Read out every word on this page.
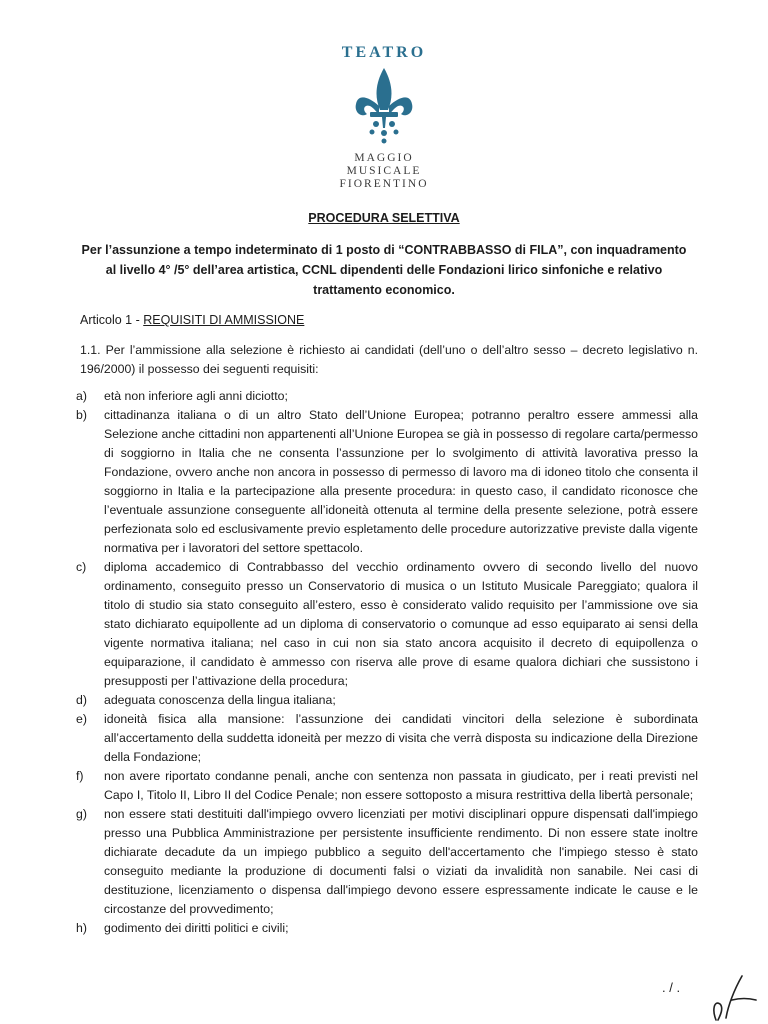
TEATRO
MAGGIO
MUSICALE
FIORENTINO
PROCEDURA SELETTIVA
Per l’assunzione a tempo indeterminato di 1 posto di “CONTRABBASSO di FILA”, con inquadramento al livello 4° /5° dell’area artistica, CCNL dipendenti delle Fondazioni lirico sinfoniche e relativo trattamento economico.
Articolo 1 - REQUISITI DI AMMISSIONE
1.1. Per l’ammissione alla selezione è richiesto ai candidati (dell’uno o dell’altro sesso – decreto legislativo n. 196/2000) il possesso dei seguenti requisiti:
a)	età non inferiore agli anni diciotto;
b)	cittadinanza italiana o di un altro Stato dell’Unione Europea; potranno peraltro essere ammessi alla Selezione anche cittadini non appartenenti all’Unione Europea se già in possesso di regolare carta/permesso di soggiorno in Italia che ne consenta l’assunzione per lo svolgimento di attività lavorativa presso la Fondazione, ovvero anche non ancora in possesso di permesso di lavoro ma di idoneo titolo che consenta il soggiorno in Italia e la partecipazione alla presente procedura: in questo caso, il candidato riconosce che l’eventuale assunzione conseguente all’idoneità ottenuta al termine della presente selezione, potrà essere perfezionata solo ed esclusivamente previo espletamento delle procedure autorizzative previste dalla vigente normativa per i lavoratori del settore spettacolo.
c)	diploma accademico di Contrabbasso del vecchio ordinamento ovvero di secondo livello del nuovo ordinamento, conseguito presso un Conservatorio di musica o un Istituto Musicale Pareggiato; qualora il titolo di studio sia stato conseguito all’estero, esso è considerato valido requisito per l’ammissione ove sia stato dichiarato equipollente ad un diploma di conservatorio o comunque ad esso equiparato ai sensi della vigente normativa italiana; nel caso in cui non sia stato ancora acquisito il decreto di equipollenza o equiparazione, il candidato è ammesso con riserva alle prove di esame qualora dichiari che sussistono i presupposti per l’attivazione della procedura;
d)	adeguata conoscenza della lingua italiana;
e)	idoneità fisica alla mansione: l’assunzione dei candidati vincitori della selezione è subordinata all’accertamento della suddetta idoneità per mezzo di visita che verrà disposta su indicazione della Direzione della Fondazione;
f)	non avere riportato condanne penali, anche con sentenza non passata in giudicato, per i reati previsti nel Capo I, Titolo II, Libro II del Codice Penale; non essere sottoposto a misura restrittiva della libertà personale;
g)	non essere stati destituiti dall'impiego ovvero licenziati per motivi disciplinari oppure dispensati dall'impiego presso una Pubblica Amministrazione per persistente insufficiente rendimento. Di non essere state inoltre dichiarate decadute da un impiego pubblico a seguito dell'accertamento che l'impiego stesso è stato conseguito mediante la produzione di documenti falsi o viziati da invalidità non sanabile. Nei casi di destituzione, licenziamento o dispensa dall'impiego devono essere espressamente indicate le cause e le circostanze del provvedimento;
h)	godimento dei diritti politici e civili;
. / .
